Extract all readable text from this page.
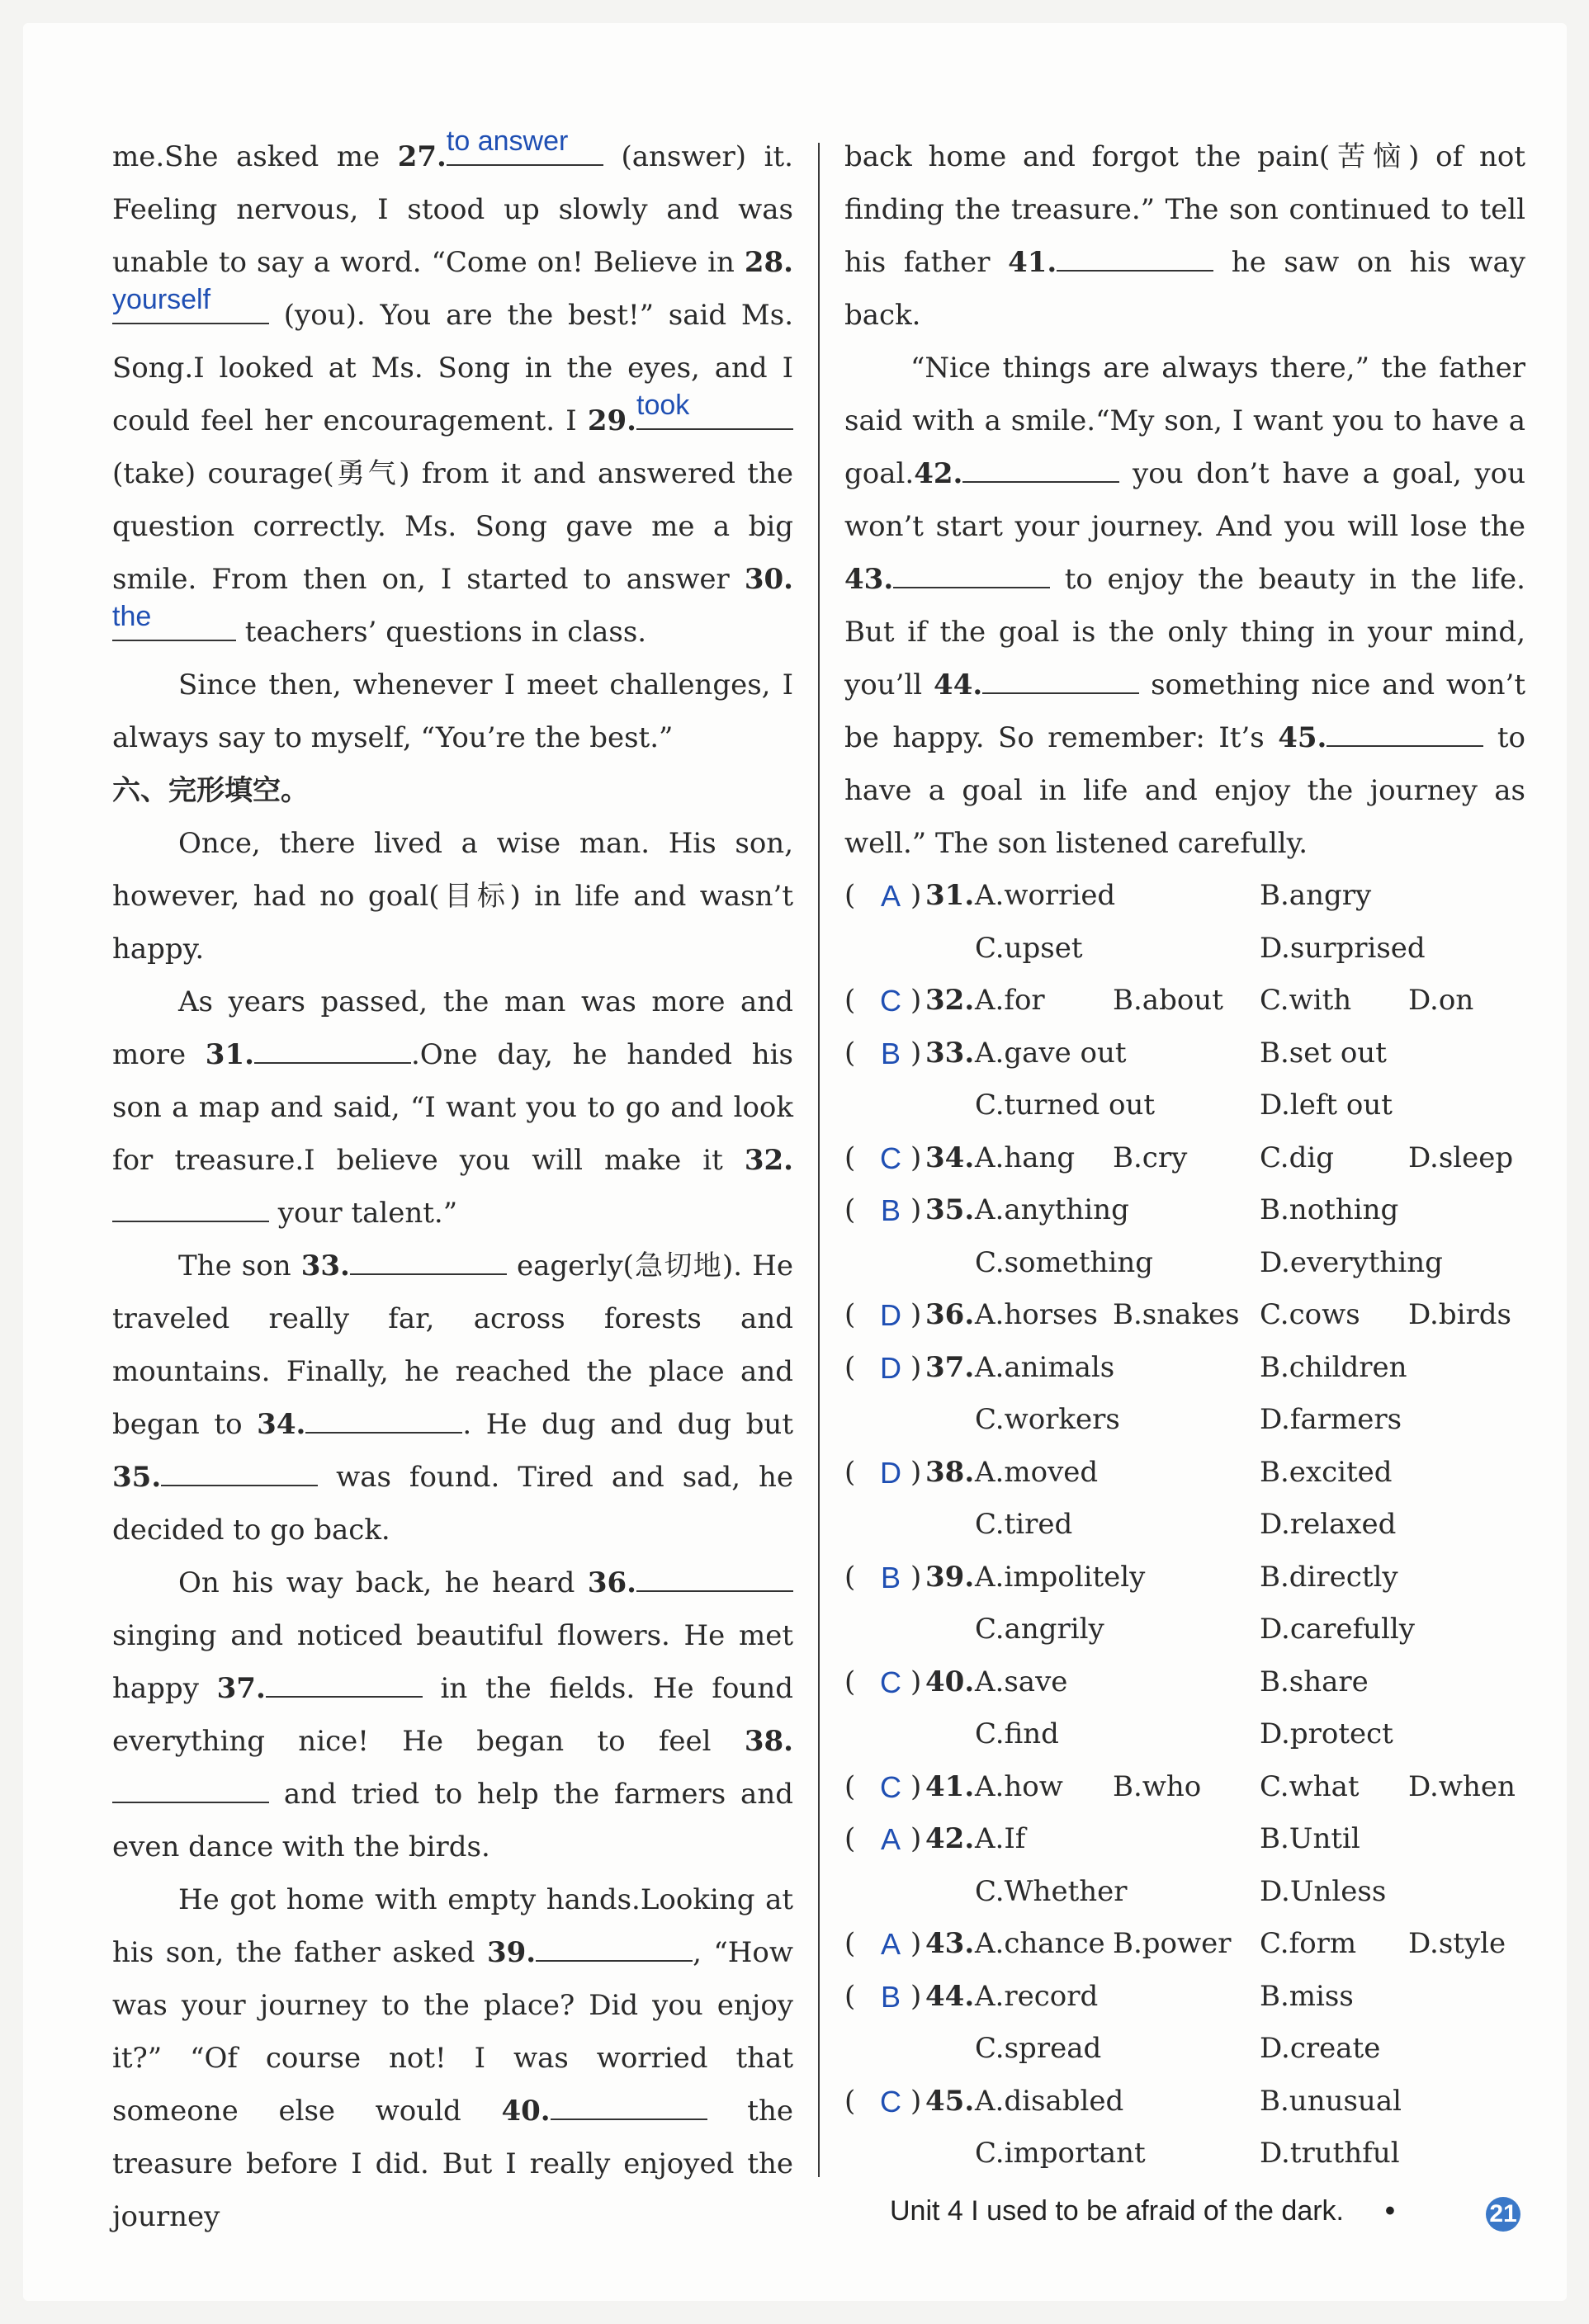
me.She asked me 27. to answer	(answer) it. Feeling nervous, I stood up slowly and was unable to say a word. “Come on! Believe in 28.
yourself	(you). You are the best!” said Ms. Song.I looked at Ms. Song in the eyes, and I could feel her encouragement. I 29. took
(take) courage(勇气) from it and answered the question correctly. Ms. Song gave me a big smile. From then on, I started to answer 30.
the	teachers’ questions in class.

Since then, whenever I meet challenges, I always say to myself, “You’re the best.”

六、完形填空。

Once, there lived a wise man. His son, however, had no goal(目标) in life and wasn’t happy.

As years passed, the man was more and more 31.	.One day, he handed his son a map and said, “I want you to go and look for treasure.I believe you will make it 32. your talent.”

The son 33.	eagerly(急切地). He traveled really far, across forests and mountains. Finally, he reached the place and began to 34.	. He dug and dug but 35.	was found. Tired and sad, he decided to go back.

On his way back, he heard 36. singing and noticed beautiful flowers. He met happy 37.	in the fields. He found everything nice! He began to feel 38. and tried to help the farmers and even dance with the birds.

He got home with empty hands.Looking at his son, the father asked 39.	, “How was your journey to the place? Did you enjoy it?” “Of course not! I was worried that someone else would 40.	the treasure before I did. But I really enjoyed the journey

back home and forgot the pain(苦恼) of not finding the treasure.” The son continued to tell his father 41.	he saw on his way back.

“Nice things are always there,” the father said with a smile.“My son, I want you to have a goal.42.	you don’t have a goal, you won’t start your journey. And you will lose the 43.	to enjoy the beauty in the life. But if the goal is the only thing in your mind, you’ll 44.	something nice and won’t be happy. So remember: It’s 45.	to have a goal in life and enjoy the journey as well.” The son listened carefully.

( A ) 31. A.worried	B.angry
C.upset	D.surprised
( C ) 32. A.for B.about C.with D.on
( B ) 33. A.gave out	B.set out
C.turned out	D.left out
( C ) 34. A.hang B.cry	C.dig	D.sleep
( B ) 35. A.anything	B.nothing
C.something	D.everything
( D ) 36. A.horses B.snakes C.cows D.birds
( D ) 37. A.animals	B.children
C.workers	D.farmers
( D ) 38. A.moved	B.excited
C.tired	D.relaxed
( B ) 39. A.impolitely	B.directly
C.angrily	D.carefully
( C ) 40. A.save	B.share
C.find	D.protect
( C ) 41. A.how B.who C.what D.when
( A ) 42. A.If	B.Until
C.Whether	D.Unless
( A ) 43. A.chance B.power C.form D.style
( B ) 44. A.record	B.miss
C.spread	D.create
( C ) 45. A.disabled	B.unusual
C.important	D.truthful
Unit 4 I used to be afraid of the dark. •	21
